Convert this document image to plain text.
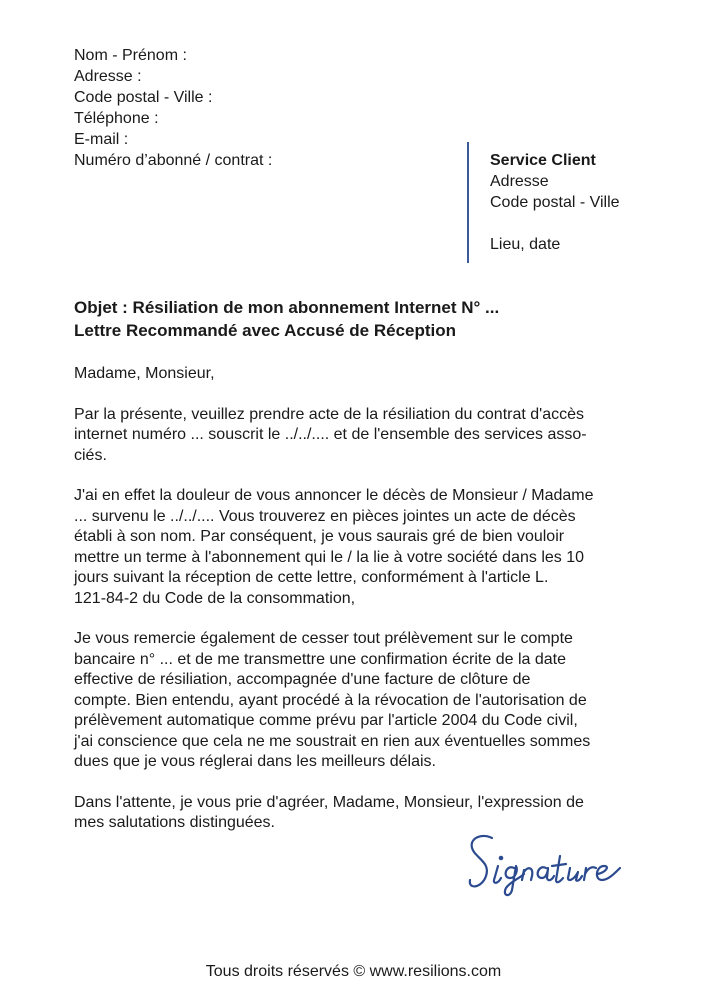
Nom - Prénom :
Adresse :
Code postal - Ville :
Téléphone :
E-mail :
Numéro d’abonné / contrat :	Service Client
Adresse
Code postal - Ville
Lieu, date
Objet : Résiliation de mon abonnement Internet N° ...
Lettre Recommandé avec Accusé de Réception

Madame, Monsieur,

Par la présente, veuillez prendre acte de la résiliation du contrat d'accès
internet numéro ... souscrit le ../../.... et de l'ensemble des services asso-
ciés.

J'ai en effet la douleur de vous annoncer le décès de Monsieur / Madame
... survenu le ../../.... Vous trouverez en pièces jointes un acte de décès
établi à son nom. Par conséquent, je vous saurais gré de bien vouloir
mettre un terme à l'abonnement qui le / la lie à votre société dans les 10
jours suivant la réception de cette lettre, conformément à l'article L.
121-84-2 du Code de la consommation,

Je vous remercie également de cesser tout prélèvement sur le compte
bancaire n° ... et de me transmettre une confirmation écrite de la date
effective de résiliation, accompagnée d'une facture de clôture de
compte. Bien entendu, ayant procédé à la révocation de l'autorisation de
prélèvement automatique comme prévu par l'article 2004 du Code civil,
j'ai conscience que cela ne me soustrait en rien aux éventuelles sommes
dues que je vous réglerai dans les meilleurs délais.

Dans l'attente, je vous prie d'agréer, Madame, Monsieur, l'expression de
mes salutations distinguées.

Tous droits réservés © www.resilions.com
